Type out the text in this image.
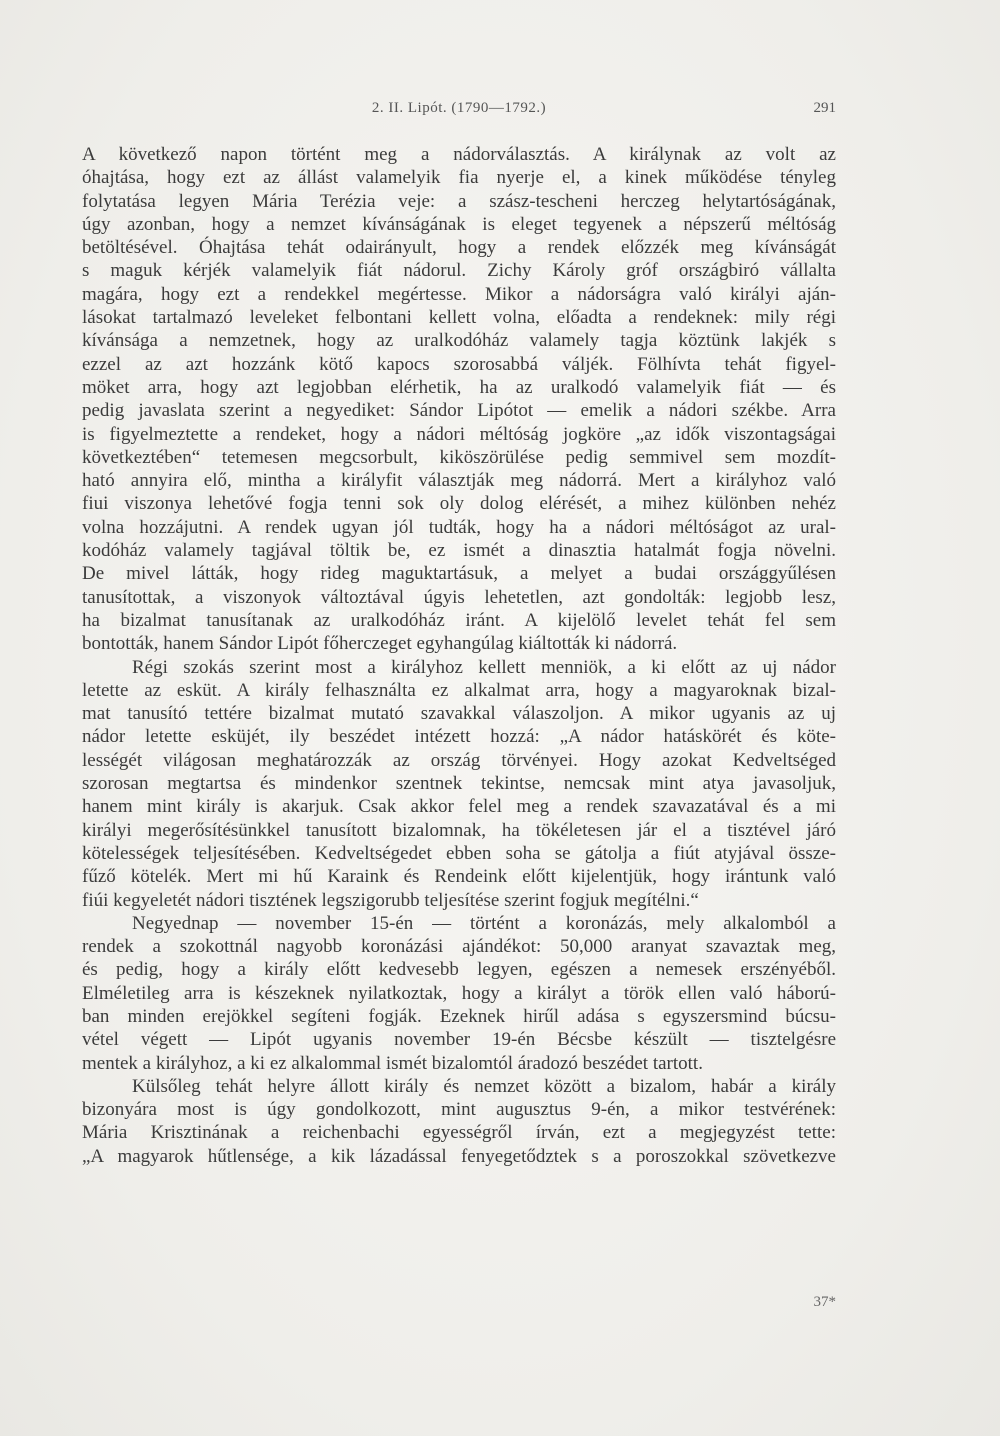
2. II. Lipót. (1790—1792.)	291
A következő napon történt meg a nádorválasztás. A királynak az volt az
óhajtása, hogy ezt az állást valamelyik fia nyerje el, a kinek működése tényleg
folytatása legyen Mária Terézia veje: a szász-tescheni herczeg helytartóságának,
úgy azonban, hogy a nemzet kívánságának is eleget tegyenek a népszerű méltóság
betöltésével. Óhajtása tehát odairányult, hogy a rendek előzzék meg kívánságát
s maguk kérjék valamelyik fiát nádorul. Zichy Károly gróf országbiró vállalta
magára, hogy ezt a rendekkel megértesse. Mikor a nádorságra való királyi aján-
lásokat tartalmazó leveleket felbontani kellett volna, előadta a rendeknek: mily régi
kívánsága a nemzetnek, hogy az uralkodóház valamely tagja köztünk lakjék s
ezzel az azt hozzánk kötő kapocs szorosabbá váljék. Fölhívta tehát figyel-
möket arra, hogy azt legjobban elérhetik, ha az uralkodó valamelyik fiát — és
pedig javaslata szerint a negyediket: Sándor Lipótot — emelik a nádori székbe. Arra
is figyelmeztette a rendeket, hogy a nádori méltóság jogköre „az idők viszontagságai
következtében“ tetemesen megcsorbult, kiköszörülése pedig semmivel sem mozdít-
ható annyira elő, mintha a királyfit választják meg nádorrá. Mert a királyhoz való
fiui viszonya lehetővé fogja tenni sok oly dolog elérését, a mihez különben nehéz
volna hozzájutni. A rendek ugyan jól tudták, hogy ha a nádori méltóságot az ural-
kodóház valamely tagjával töltik be, ez ismét a dinasztia hatalmát fogja növelni.
De mivel látták, hogy rideg maguktartásuk, a melyet a budai országgyűlésen
tanusítottak, a viszonyok változtával úgyis lehetetlen, azt gondolták: legjobb lesz,
ha bizalmat tanusítanak az uralkodóház iránt. A kijelölő levelet tehát fel sem
bontották, hanem Sándor Lipót főherczeget egyhangúlag kiáltották ki nádorrá.
Régi szokás szerint most a királyhoz kellett menniök, a ki előtt az uj nádor
letette az esküt. A király felhasználta ez alkalmat arra, hogy a magyaroknak bizal-
mat tanusító tettére bizalmat mutató szavakkal válaszoljon. A mikor ugyanis az uj
nádor letette esküjét, ily beszédet intézett hozzá: „A nádor hatáskörét és köte-
lességét világosan meghatározzák az ország törvényei. Hogy azokat Kedveltséged
szorosan megtartsa és mindenkor szentnek tekintse, nemcsak mint atya javasoljuk,
hanem mint király is akarjuk. Csak akkor felel meg a rendek szavazatával és a mi
királyi megerősítésünkkel tanusított bizalomnak, ha tökéletesen jár el a tisztével járó
kötelességek teljesítésében. Kedveltségedet ebben soha se gátolja a fiút atyjával össze-
fűző kötelék. Mert mi hű Karaink és Rendeink előtt kijelentjük, hogy irántunk való
fiúi kegyeletét nádori tisztének legszigorubb teljesítése szerint fogjuk megítélni.“
Negyednap — november 15-én — történt a koronázás, mely alkalomból a
rendek a szokottnál nagyobb koronázási ajándékot: 50,000 aranyat szavaztak meg,
és pedig, hogy a király előtt kedvesebb legyen, egészen a nemesek erszényéből.
Elméletileg arra is készeknek nyilatkoztak, hogy a királyt a török ellen való háború-
ban minden erejökkel segíteni fogják. Ezeknek hirűl adása s egyszersmind búcsu-
vétel végett — Lipót ugyanis november 19-én Bécsbe készült — tisztelgésre
mentek a királyhoz, a ki ez alkalommal ismét bizalomtól áradozó beszédet tartott.
Külsőleg tehát helyre állott király és nemzet között a bizalom, habár a király
bizonyára most is úgy gondolkozott, mint augusztus 9-én, a mikor testvérének:
Mária Krisztinának a reichenbachi egyességről írván, ezt a megjegyzést tette:
„A magyarok hűtlensége, a kik lázadással fenyegetődztek s a poroszokkal szövetkezve
37*
